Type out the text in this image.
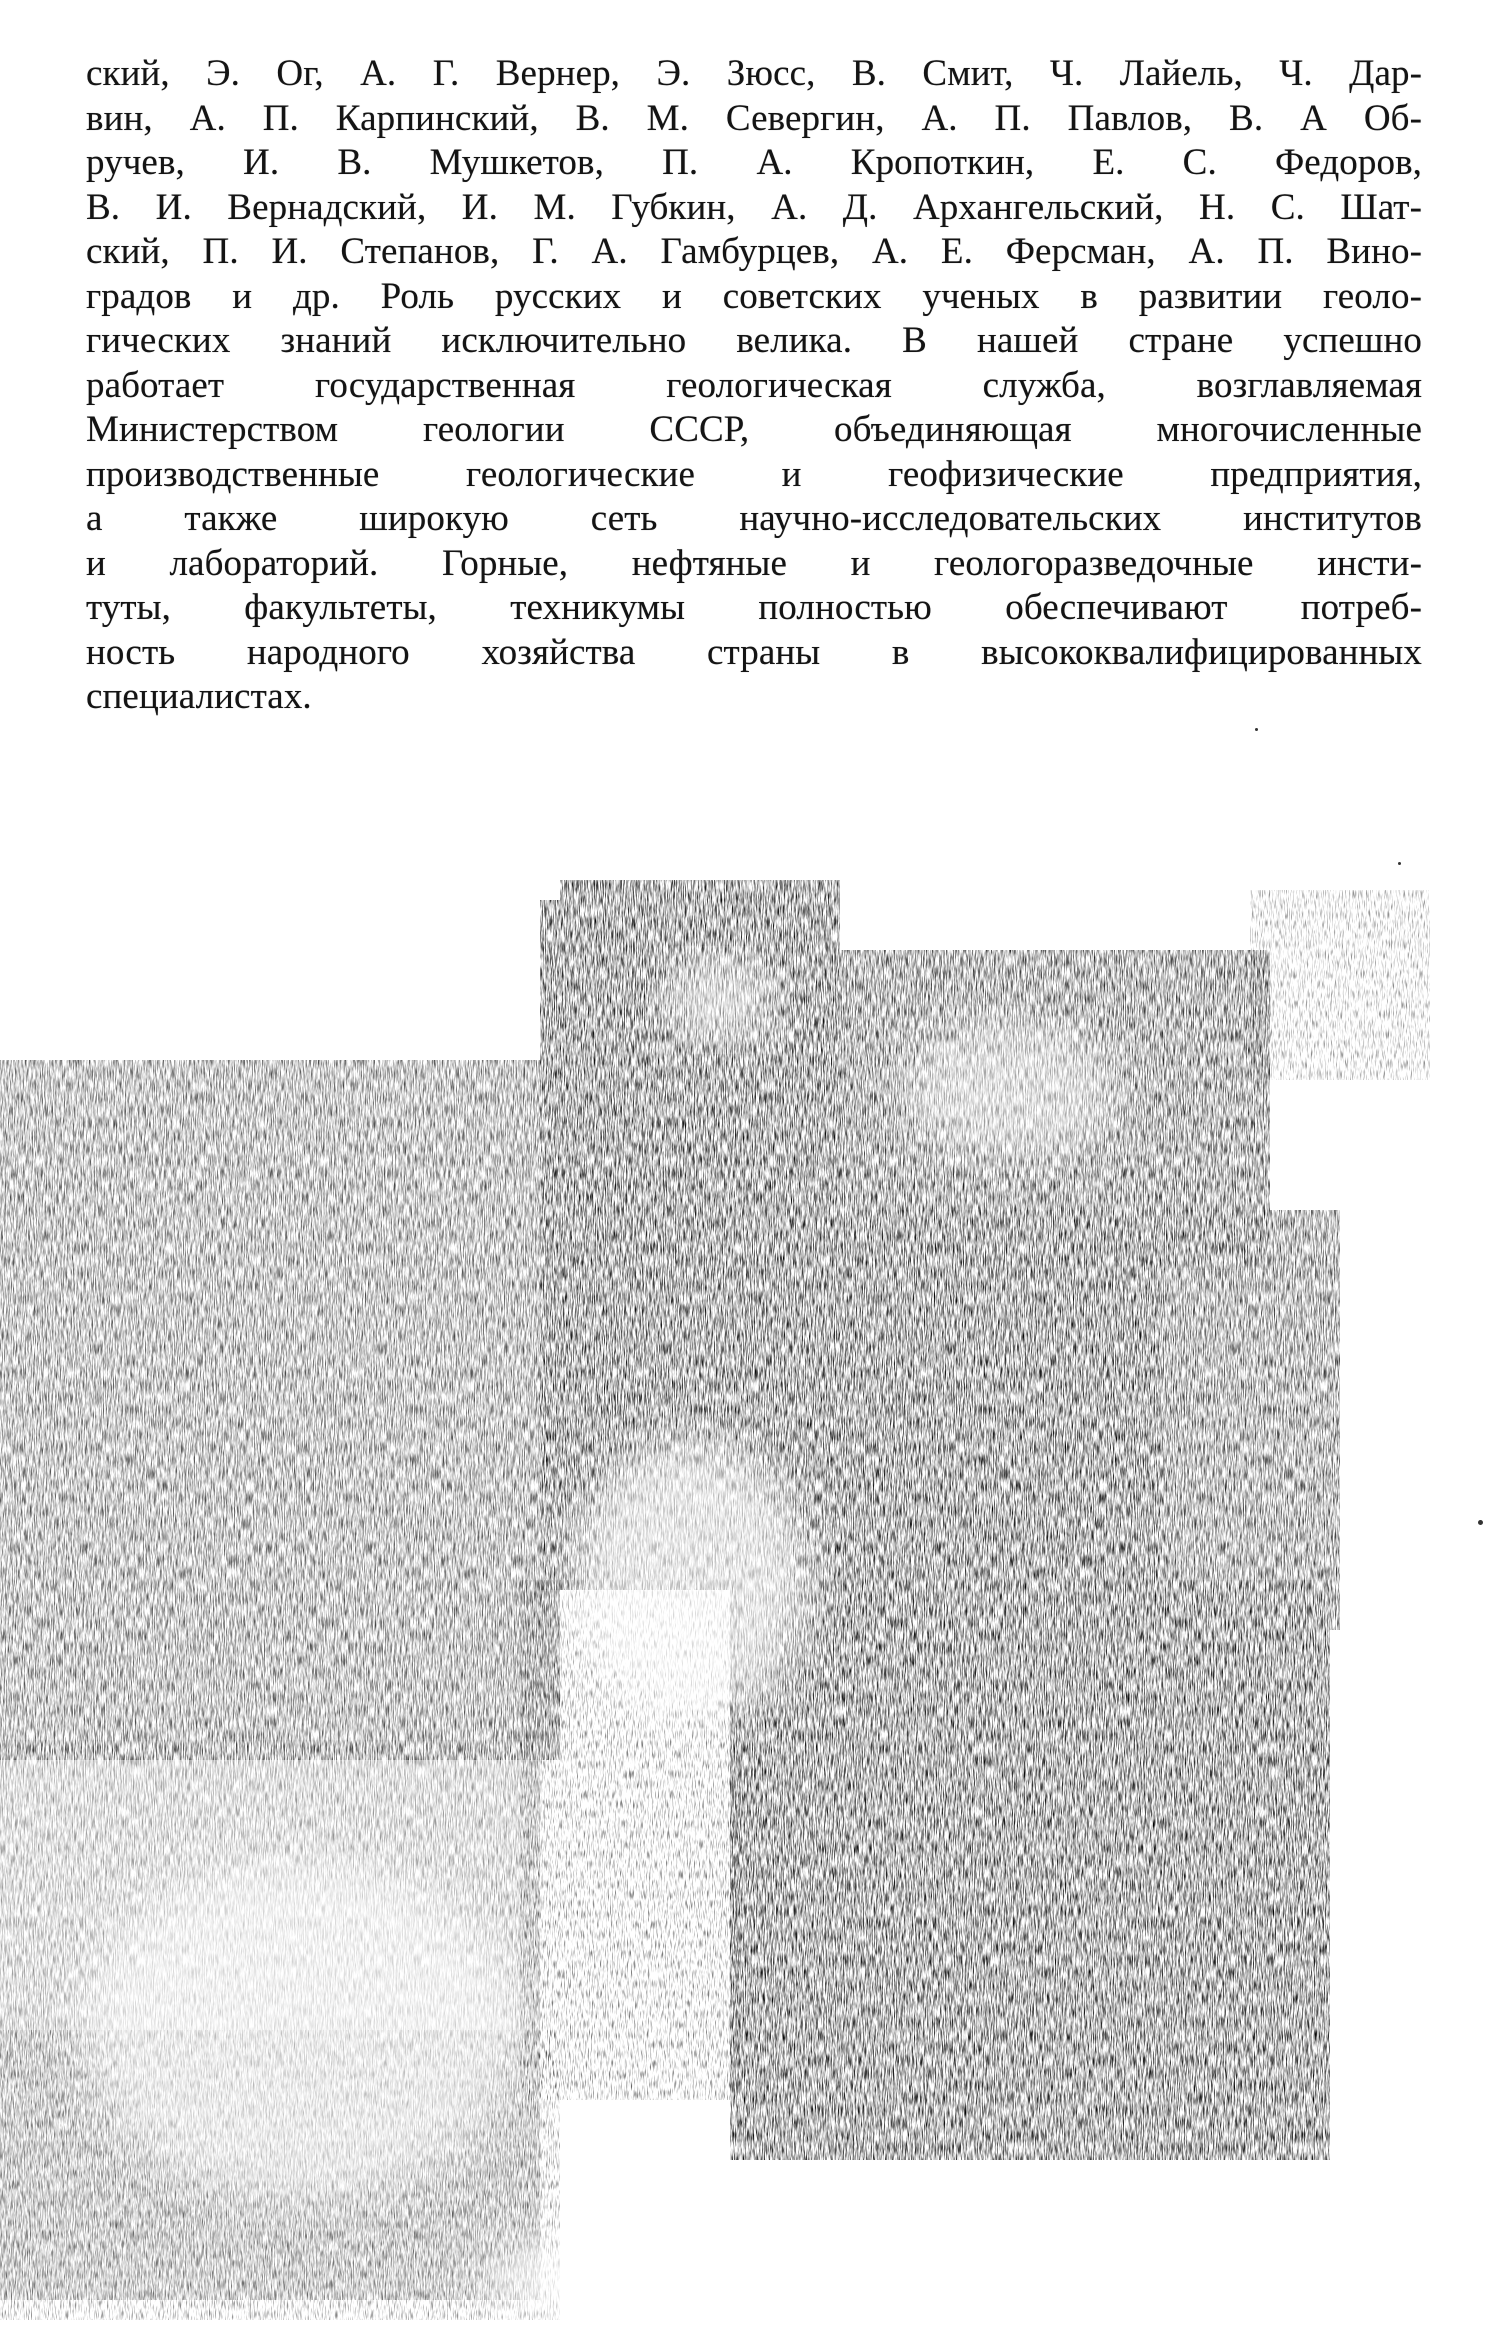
ский, Э. Ог, А. Г. Вернер, Э. Зюсс, В. Смит, Ч. Лайель, Ч. Дар-
вин, А. П. Карпинский, В. М. Севергин, А. П. Павлов, В. А Об-
ручев, И. В. Мушкетов, П. А. Кропоткин, Е. С. Федоров,
В. И. Вернадский, И. М. Губкин, А. Д. Архангельский, Н. С. Шат-
ский, П. И. Степанов, Г. А. Гамбурцев, А. Е. Ферсман, А. П. Вино-
градов и др. Роль русских и советских ученых в развитии геоло-
гических знаний исключительно велика. В нашей стране успешно
работает государственная геологическая служба, возглавляемая
Министерством геологии СССР, объединяющая многочисленные
производственные геологические и геофизические предприятия,
а также широкую сеть научно-исследовательских институтов
и лабораторий. Горные, нефтяные и геологоразведочные инсти-
туты, факультеты, техникумы полностью обеспечивают потреб-
ность народного хозяйства страны в высококвалифицированных
специалистах.
